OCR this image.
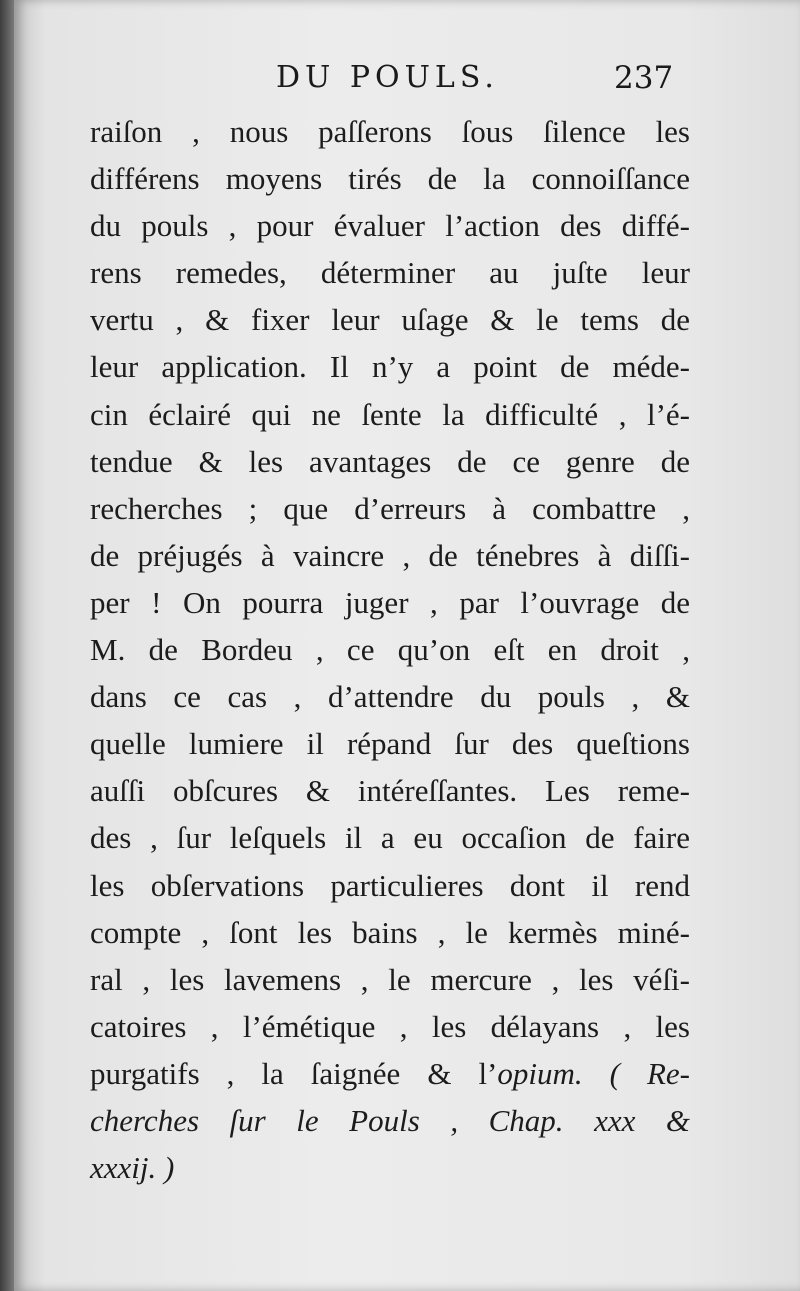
DU POULS.	237
raiſon , nous paſſerons ſous ſilence les
différens moyens tirés de la connoiſſance
du pouls , pour évaluer l’action des diffé-
rens remedes, déterminer au juſte leur
vertu , & fixer leur uſage & le tems de
leur application. Il n’y a point de méde-
cin éclairé qui ne ſente la difficulté , l’é-
tendue & les avantages de ce genre de
recherches ; que d’erreurs à combattre ,
de préjugés à vaincre , de ténebres à diſſi-
per ! On pourra juger , par l’ouvrage de
M. de Bordeu , ce qu’on eſt en droit ,
dans ce cas , d’attendre du pouls , &
quelle lumiere il répand ſur des queſtions
auſſi obſcures & intéreſſantes. Les reme-
des , ſur leſquels il a eu occaſion de faire
les obſervations particulieres dont il rend
compte , ſont les bains , le kermès miné-
ral , les lavemens , le mercure , les véſi-
catoires , l’émétique , les délayans , les
purgatifs , la ſaignée & l’opium. ( Re-
cherches ſur le Pouls , Chap. xxx &
xxxij. )
